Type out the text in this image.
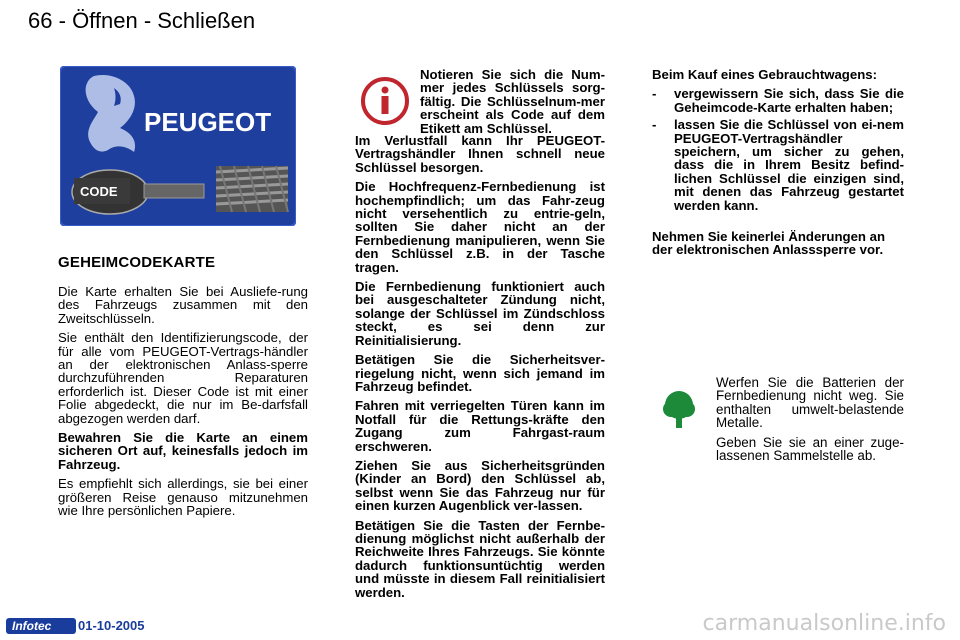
66 - Öffnen - Schließen
PEUGEOT
CODE
GEHEIMCODEKARTE

Die Karte erhalten Sie bei Ausliefe-rung des Fahrzeugs zusammen mit den Zweitschlüsseln.

Sie enthält den Identifizierungscode, der für alle vom PEUGEOT-Vertrags-händler an der elektronischen Anlass-sperre durchzuführenden Reparaturen erforderlich ist. Dieser Code ist mit einer Folie abgedeckt, die nur im Be-darfsfall abgezogen werden darf.

Bewahren Sie die Karte an einem sicheren Ort auf, keinesfalls jedoch im Fahrzeug.

Es empfiehlt sich allerdings, sie bei einer größeren Reise genauso mitzunehmen wie Ihre persönlichen Papiere.

Notieren Sie sich die Num-mer jedes Schlüssels sorg-fältig. Die Schlüsselnum-mer erscheint als Code auf dem Etikett am Schlüssel.

Im Verlustfall kann Ihr PEUGEOT-Vertragshändler Ihnen schnell neue Schlüssel besorgen.

Die Hochfrequenz-Fernbedienung ist hochempfindlich; um das Fahr-zeug nicht versehentlich zu entrie-geln, sollten Sie daher nicht an der Fernbedienung manipulieren, wenn Sie den Schlüssel z.B. in der Tasche tragen.

Die Fernbedienung funktioniert auch bei ausgeschalteter Zündung nicht, solange der Schlüssel im Zündschloss steckt, es sei denn zur Reinitialisierung.

Betätigen Sie die Sicherheitsver-riegelung nicht, wenn sich jemand im Fahrzeug befindet.

Fahren mit verriegelten Türen kann im Notfall für die Rettungs-kräfte den Zugang zum Fahrgast-raum erschweren.

Ziehen Sie aus Sicherheitsgründen (Kinder an Bord) den Schlüssel ab, selbst wenn Sie das Fahrzeug nur für einen kurzen Augenblick ver-lassen.

Betätigen Sie die Tasten der Fernbe-dienung möglichst nicht außerhalb der Reichweite Ihres Fahrzeugs. Sie könnte dadurch funktionsuntüchtig werden und müsste in diesem Fall reinitialisiert werden.

Beim Kauf eines Gebrauchtwagens:

- vergewissern Sie sich, dass Sie die Geheimcode-Karte erhalten haben;
- lassen Sie die Schlüssel von ei-nem PEUGEOT-Vertragshändler speichern, um sicher zu gehen, dass die in Ihrem Besitz befind-lichen Schlüssel die einzigen sind, mit denen das Fahrzeug gestartet werden kann.

Nehmen Sie keinerlei Änderungen an der elektronischen Anlasssperre vor.

Werfen Sie die Batterien der Fernbedienung nicht weg. Sie enthalten umwelt-belastende Metalle.

Geben Sie sie an einer zuge-lassenen Sammelstelle ab.

Infotec 01-10-2005	carmanualsonline.info
